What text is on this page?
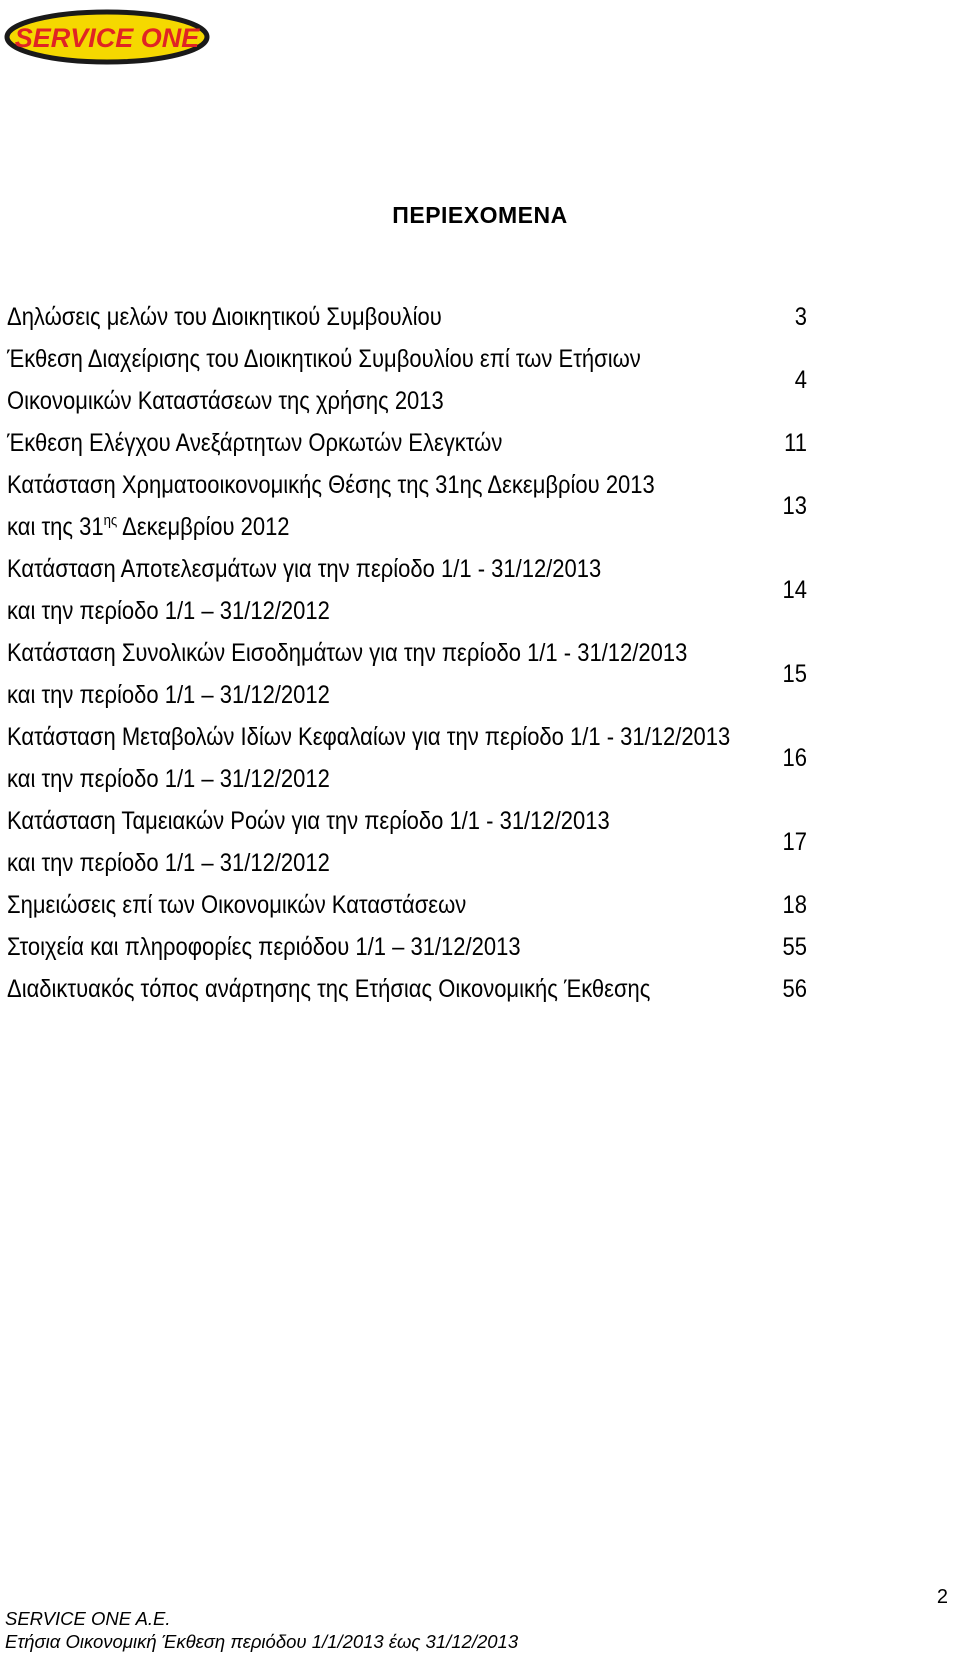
SERVICE ONE
ΠΕΡΙΕΧΟΜΕΝΑ
Δηλώσεις μελών του Διοικητικού Συμβουλίου	3
Έκθεση Διαχείρισης του Διοικητικού Συμβουλίου επί των Ετήσιων
Οικονομικών Καταστάσεων της χρήσης 2013
4
Έκθεση Ελέγχου Ανεξάρτητων Ορκωτών Ελεγκτών	11
Κατάσταση Χρηματοοικονομικής Θέσης της 31ης Δεκεμβρίου 2013
και της $31^{\eta\varsigma}$ Δεκεμβρίου 2012
13
Κατάσταση Αποτελεσμάτων για την περίοδο 1/1 - 31/12/2013
και την περίοδο 1/1 – 31/12/2012
14
Κατάσταση Συνολικών Εισοδημάτων για την περίοδο 1/1 - 31/12/2013
και την περίοδο 1/1 – 31/12/2012
15
Κατάσταση Μεταβολών Ιδίων Κεφαλαίων για την περίοδο 1/1 - 31/12/2013
και την περίοδο 1/1 – 31/12/2012
16
Κατάσταση Ταμειακών Ροών για την περίοδο 1/1 - 31/12/2013
και την περίοδο 1/1 – 31/12/2012
17
Σημειώσεις επί των Οικονομικών Καταστάσεων	18
Στοιχεία και πληροφορίες περιόδου 1/1 – 31/12/2013	55
Διαδικτυακός τόπος ανάρτησης της Ετήσιας Οικονομικής Έκθεσης	56
2
SERVICE ONE A.E.
Ετήσια Οικονομική Έκθεση περιόδου 1/1/2013 έως 31/12/2013
